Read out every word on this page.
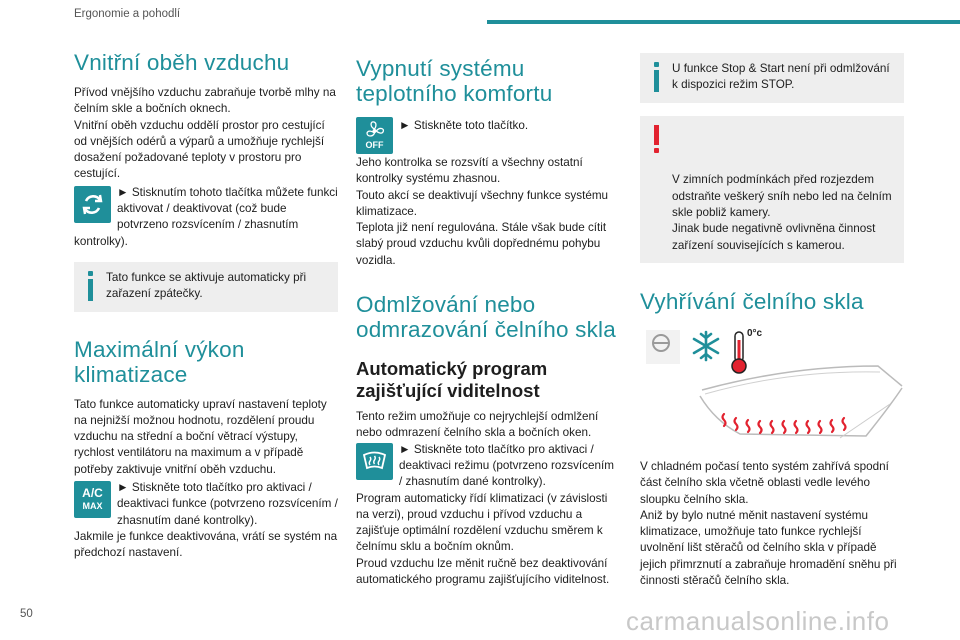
Ergonomie a pohodlí
Vnitřní oběh vzduchu

Přívod vnějšího vzduchu zabraňuje tvorbě mlhy na čelním skle a bočních oknech.
Vnitřní oběh vzduchu oddělí prostor pro cestující od vnějších odérů a výparů a umožňuje rychlejší dosažení požadované teploty v prostoru pro cestující.

► Stisknutím tohoto tlačítka můžete funkci aktivovat / deaktivovat (což bude potvrzeno rozsvícením / zhasnutím kontrolky).

Tato funkce se aktivuje automaticky při zařazení zpátečky.
Maximální výkon klimatizace

Tato funkce automaticky upraví nastavení teploty na nejnižší možnou hodnotu, rozdělení proudu vzduchu na střední a boční větrací výstupy, rychlost ventilátoru na maximum a v případě potřeby zaktivuje vnitřní oběh vzduchu.

A/C
MAX

► Stiskněte toto tlačítko pro aktivaci / deaktivaci funkce (potvrzeno rozsvícením / zhasnutím dané kontrolky).
Jakmile je funkce deaktivována, vrátí se systém na předchozí nastavení.

Vypnutí systému teplotního komfortu
OFF

► Stiskněte toto tlačítko.

Jeho kontrolka se rozsvítí a všechny ostatní kontrolky systému zhasnou.
Touto akcí se deaktivují všechny funkce systému klimatizace.
Teplota již není regulována. Stále však bude cítit slabý proud vzduchu kvůli dopřednému pohybu vozidla.

Odmlžování nebo odmrazování čelního skla
Automatický program zajišťující viditelnost

Tento režim umožňuje co nejrychlejší odmlžení nebo odmrazení čelního skla a bočních oken.

► Stiskněte toto tlačítko pro aktivaci / deaktivaci režimu (potvrzeno rozsvícením / zhasnutím dané kontrolky).
Program automaticky řídí klimatizaci (v závislosti na verzi), proud vzduchu i přívod vzduchu a zajišťuje optimální rozdělení vzduchu směrem k čelnímu sklu a bočním oknům.
Proud vzduchu lze měnit ručně bez deaktivování automatického programu zajišťujícího viditelnost.

U funkce Stop & Start není při odmlžování k dispozici režim STOP.

V zimních podmínkách před rozjezdem odstraňte veškerý sníh nebo led na čelním skle pobliž kamery.
Jinak bude negativně ovlivněna činnost zařízení souvisejících s kamerou.

Vyhřívání čelního skla
0°c

V chladném počasí tento systém zahřívá spodní část čelního skla včetně oblasti vedle levého sloupku čelního skla.
Aniž by bylo nutné měnit nastavení systému klimatizace, umožňuje tato funkce rychlejší uvolnění lišt stěračů od čelního skla v případě jejich přimrznutí a zabraňuje hromadění sněhu při činnosti stěračů čelního skla.

50	carmanualsonline.info
